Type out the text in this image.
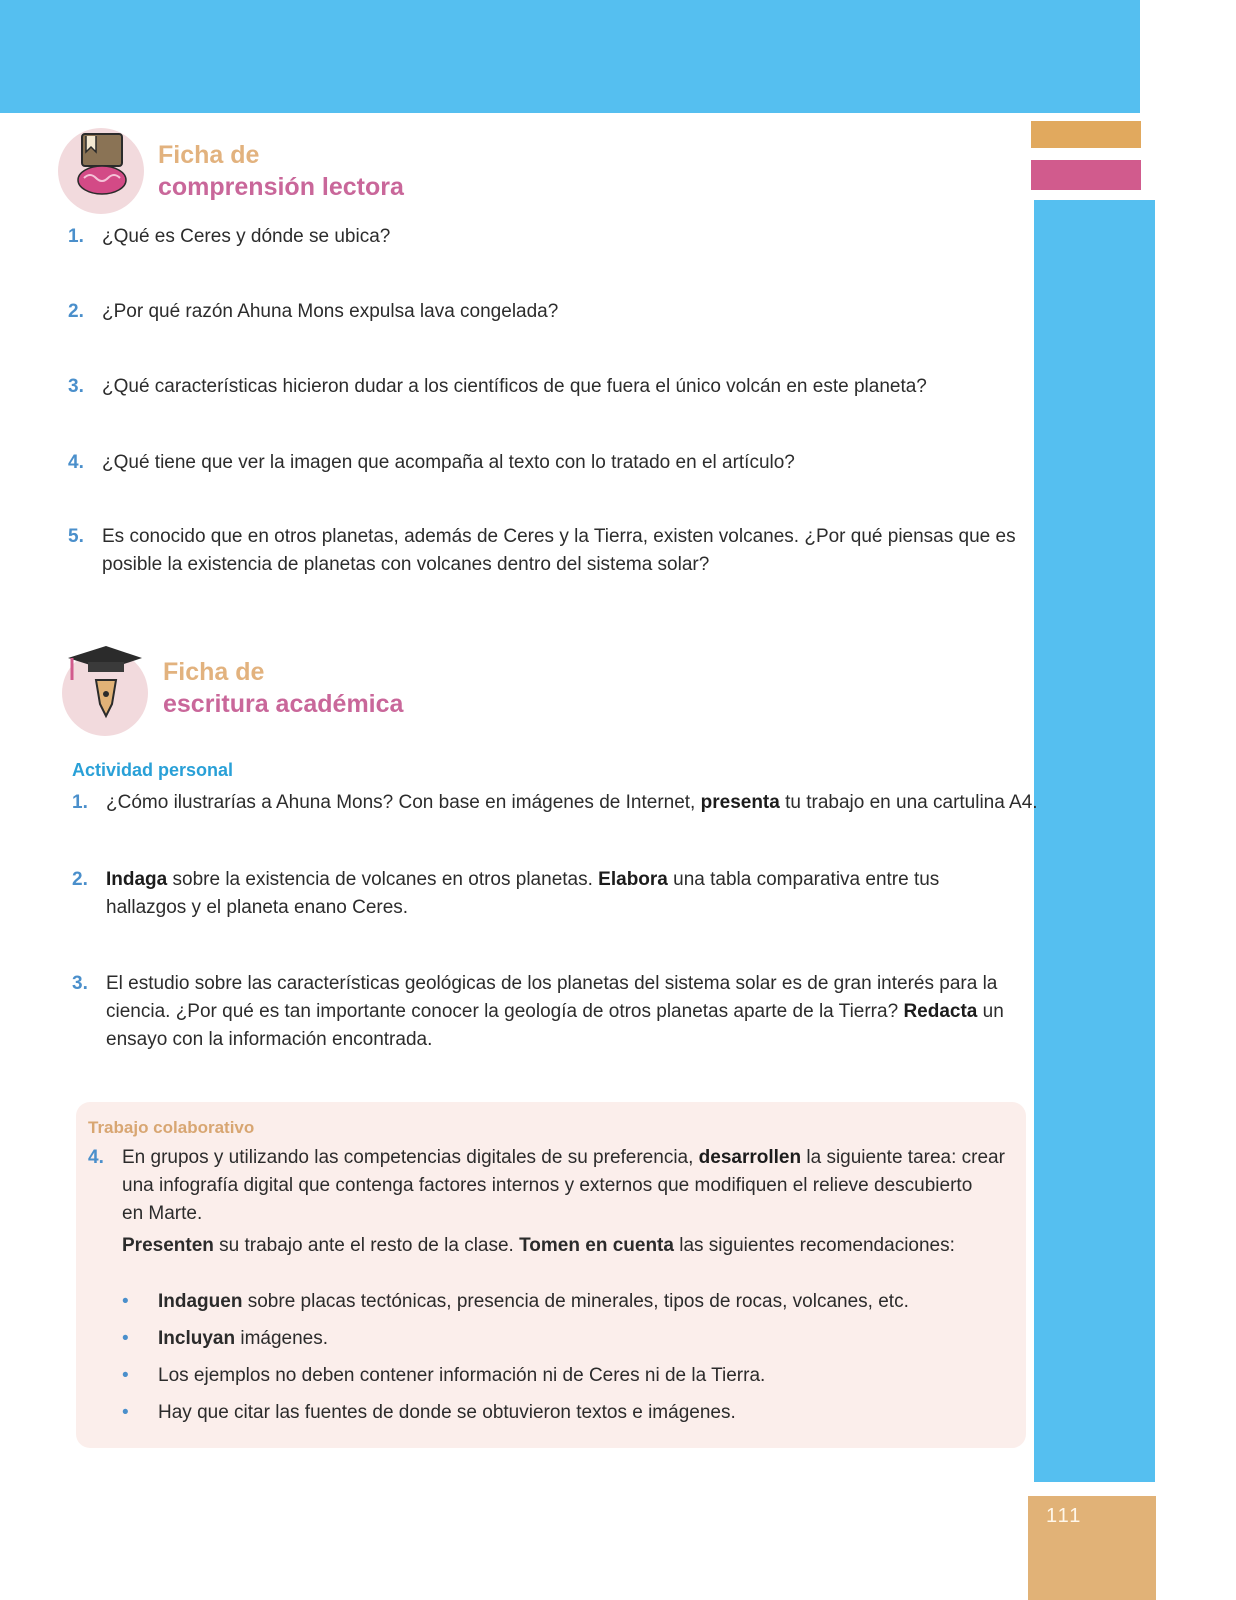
111
Ficha de
comprensión lectora
1. ¿Qué es Ceres y dónde se ubica?
2. ¿Por qué razón Ahuna Mons expulsa lava congelada?
3. ¿Qué características hicieron dudar a los científicos de que fuera el único volcán en este planeta?
4. ¿Qué tiene que ver la imagen que acompaña al texto con lo tratado en el artículo?
5. Es conocido que en otros planetas, además de Ceres y la Tierra, existen volcanes. ¿Por qué piensas que es
posible la existencia de planetas con volcanes dentro del sistema solar?
Ficha de
escritura académica
Actividad personal
1. ¿Cómo ilustrarías a Ahuna Mons? Con base en imágenes de Internet, presenta tu trabajo en una cartulina A4.
2. Indaga sobre la existencia de volcanes en otros planetas. Elabora una tabla comparativa entre tus
hallazgos y el planeta enano Ceres.
3. El estudio sobre las características geológicas de los planetas del sistema solar es de gran interés para la
ciencia. ¿Por qué es tan importante conocer la geología de otros planetas aparte de la Tierra? Redacta un
ensayo con la información encontrada.
Trabajo colaborativo
4. En grupos y utilizando las competencias digitales de su preferencia, desarrollen la siguiente tarea: crear
una infografía digital que contenga factores internos y externos que modifiquen el relieve descubierto
en Marte.
Presenten su trabajo ante el resto de la clase. Tomen en cuenta las siguientes recomendaciones:
• Indaguen sobre placas tectónicas, presencia de minerales, tipos de rocas, volcanes, etc.
• Incluyan imágenes.
• Los ejemplos no deben contener información ni de Ceres ni de la Tierra.
• Hay que citar las fuentes de donde se obtuvieron textos e imágenes.
